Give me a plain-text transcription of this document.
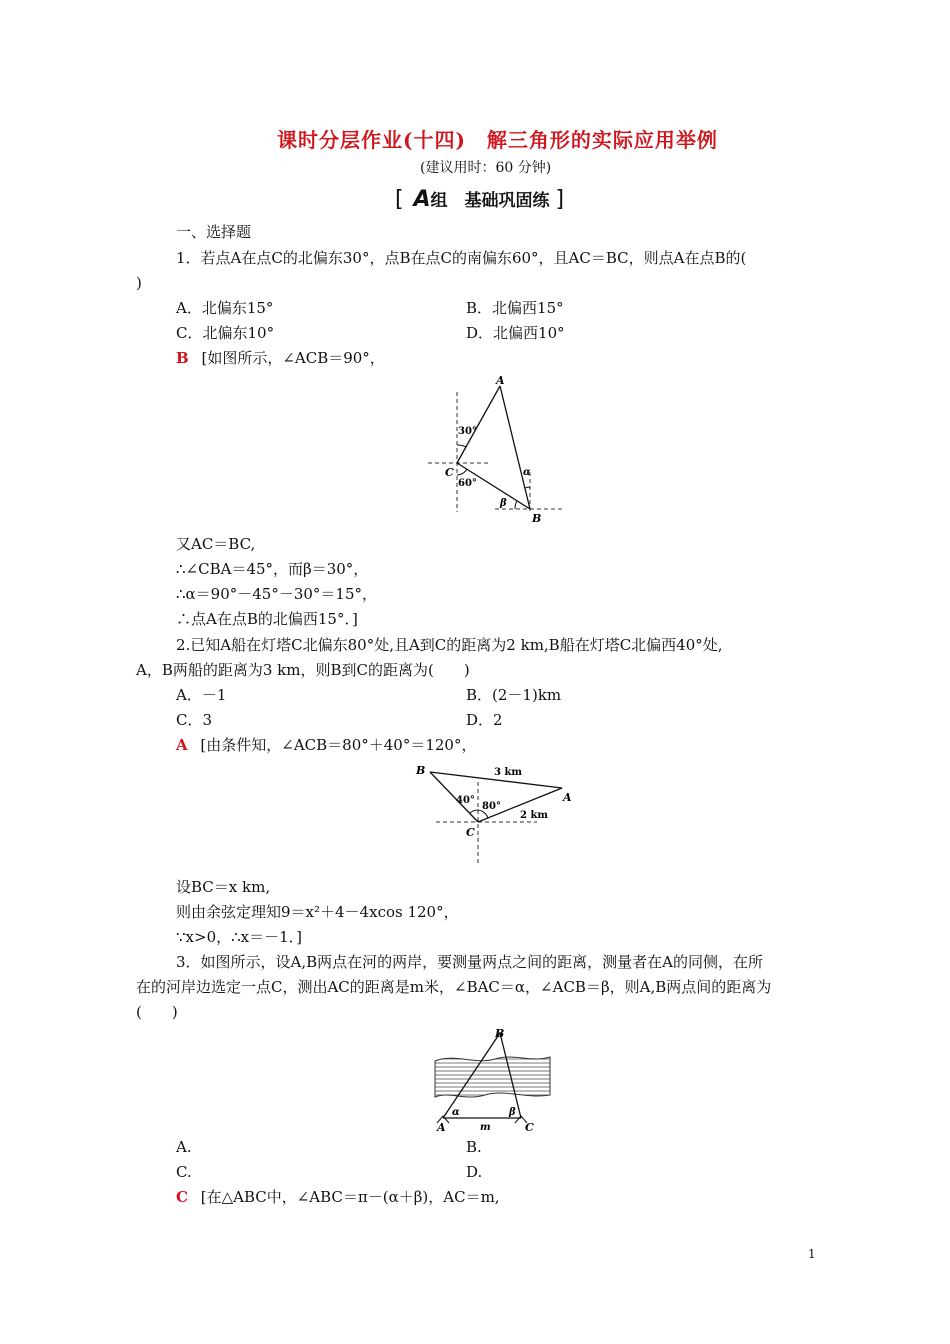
课时分层作业(十四)　解三角形的实际应用举例
(建议用时：60 分钟)
[ A组　基础巩固练 ]
一、选择题
1．若点A在点C的北偏东30°，点B在点C的南偏东60°，且AC＝BC，则点A在点B的(
)
A．北偏东15°	B．北偏西15°
C．北偏东10°	D．北偏西10°
B [如图所示，∠ACB＝90°，
A
C
B
30°
60°
α
β
又AC＝BC,
∴∠CBA＝45°，而β＝30°，
∴α＝90°－45°－30°＝15°，
∴点A在点B的北偏西15°．]
2.已知A船在灯塔C北偏东80°处,且A到C的距离为2 km,B船在灯塔C北偏西40°处,
A，B两船的距离为3 km，则B到C的距离为(　　)
A．－1	B．(2－1)km
C．3	D．2
A [由条件知，∠ACB＝80°＋40°＝120°，
B
A
C
40°
80°
3 km
2 km
设BC＝x km,
则由余弦定理知9＝x²＋4－4xcos 120°，
∵x>0，∴x＝－1．]
3．如图所示，设A,B两点在河的两岸，要测量两点之间的距离，测量者在A的同侧，在所
在的河岸边选定一点C，测出AC的距离是m米，∠BAC＝α，∠ACB＝β，则A,B两点间的距离为
(　　)
B
A	C
m
α	β
A.	B.
C.	D.
C [在△ABC中，∠ABC＝π－(α＋β)，AC＝m,
1
